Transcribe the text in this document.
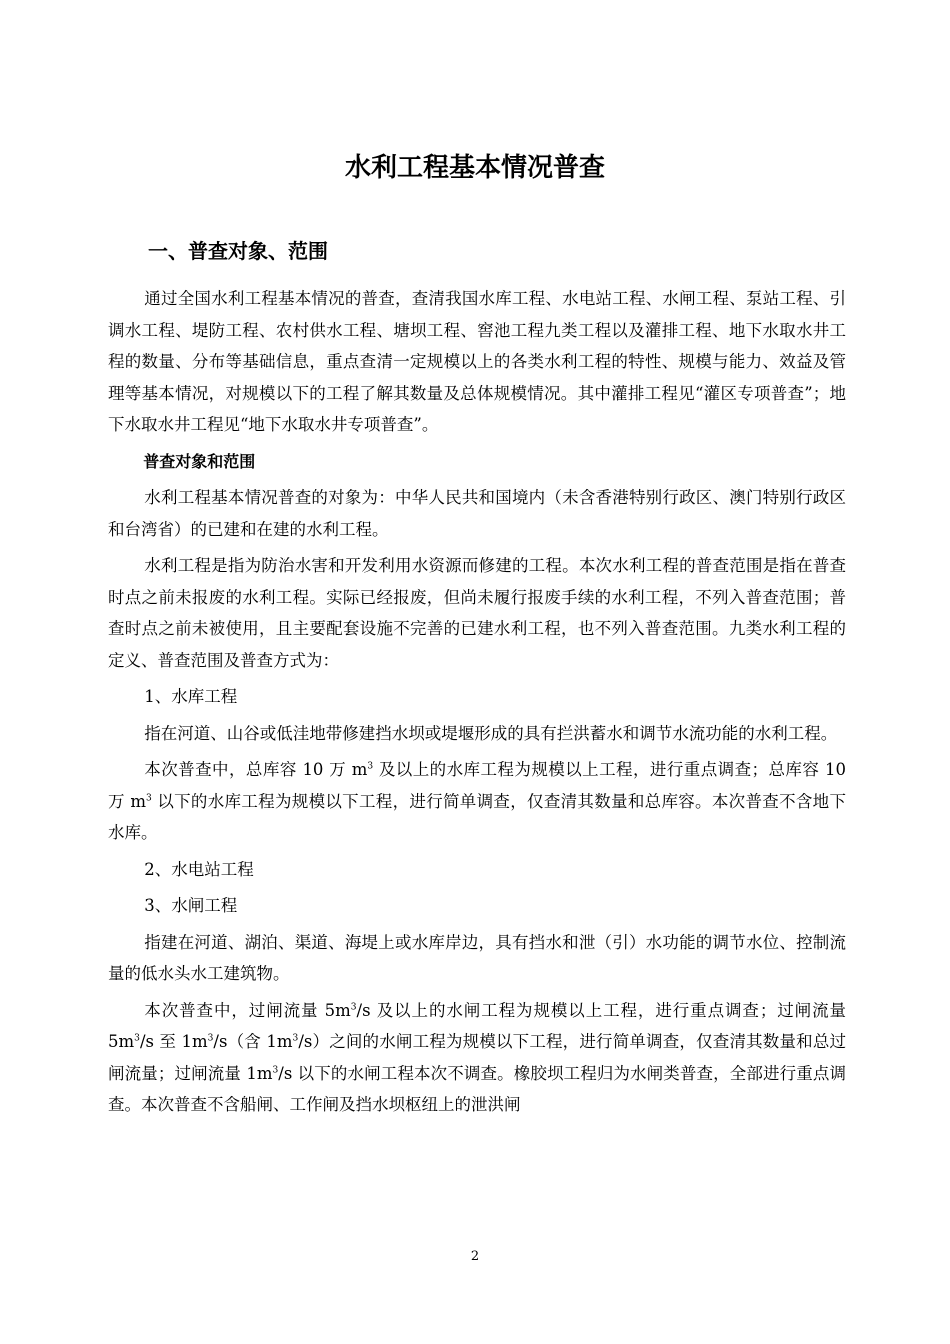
水利工程基本情况普查
一、普查对象、范围

通过全国水利工程基本情况的普查，查清我国水库工程、水电站工程、水闸工程、泵站工程、引调水工程、堤防工程、农村供水工程、塘坝工程、窖池工程九类工程以及灌排工程、地下水取水井工程的数量、分布等基础信息，重点查清一定规模以上的各类水利工程的特性、规模与能力、效益及管理等基本情况，对规模以下的工程了解其数量及总体规模情况。其中灌排工程见“灌区专项普查”；地下水取水井工程见“地下水取水井专项普查”。

普查对象和范围

水利工程基本情况普查的对象为：中华人民共和国境内（未含香港特别行政区、澳门特别行政区和台湾省）的已建和在建的水利工程。

水利工程是指为防治水害和开发利用水资源而修建的工程。本次水利工程的普查范围是指在普查时点之前未报废的水利工程。实际已经报废，但尚未履行报废手续的水利工程，不列入普查范围；普查时点之前未被使用，且主要配套设施不完善的已建水利工程，也不列入普查范围。九类水利工程的定义、普查范围及普查方式为：

1、水库工程

指在河道、山谷或低洼地带修建挡水坝或堤堰形成的具有拦洪蓄水和调节水流功能的水利工程。

本次普查中，总库容 10 万 $m^3$ 及以上的水库工程为规模以上工程，进行重点调查；总库容 10 万 $m^3$ 以下的水库工程为规模以下工程，进行简单调查，仅查清其数量和总库容。本次普查不含地下水库。

2、水电站工程

3、水闸工程

指建在河道、湖泊、渠道、海堤上或水库岸边，具有挡水和泄（引）水功能的调节水位、控制流量的低水头水工建筑物。

本次普查中，过闸流量 $5m^3/s$ 及以上的水闸工程为规模以上工程，进行重点调查；过闸流量 $5m^3/s$ 至 $1m^3/s$（含 $1m^3/s$）之间的水闸工程为规模以下工程，进行简单调查，仅查清其数量和总过闸流量；过闸流量 $1m^3/s$ 以下的水闸工程本次不调查。橡胶坝工程归为水闸类普查，全部进行重点调查。本次普查不含船闸、工作闸及挡水坝枢纽上的泄洪闸

2
